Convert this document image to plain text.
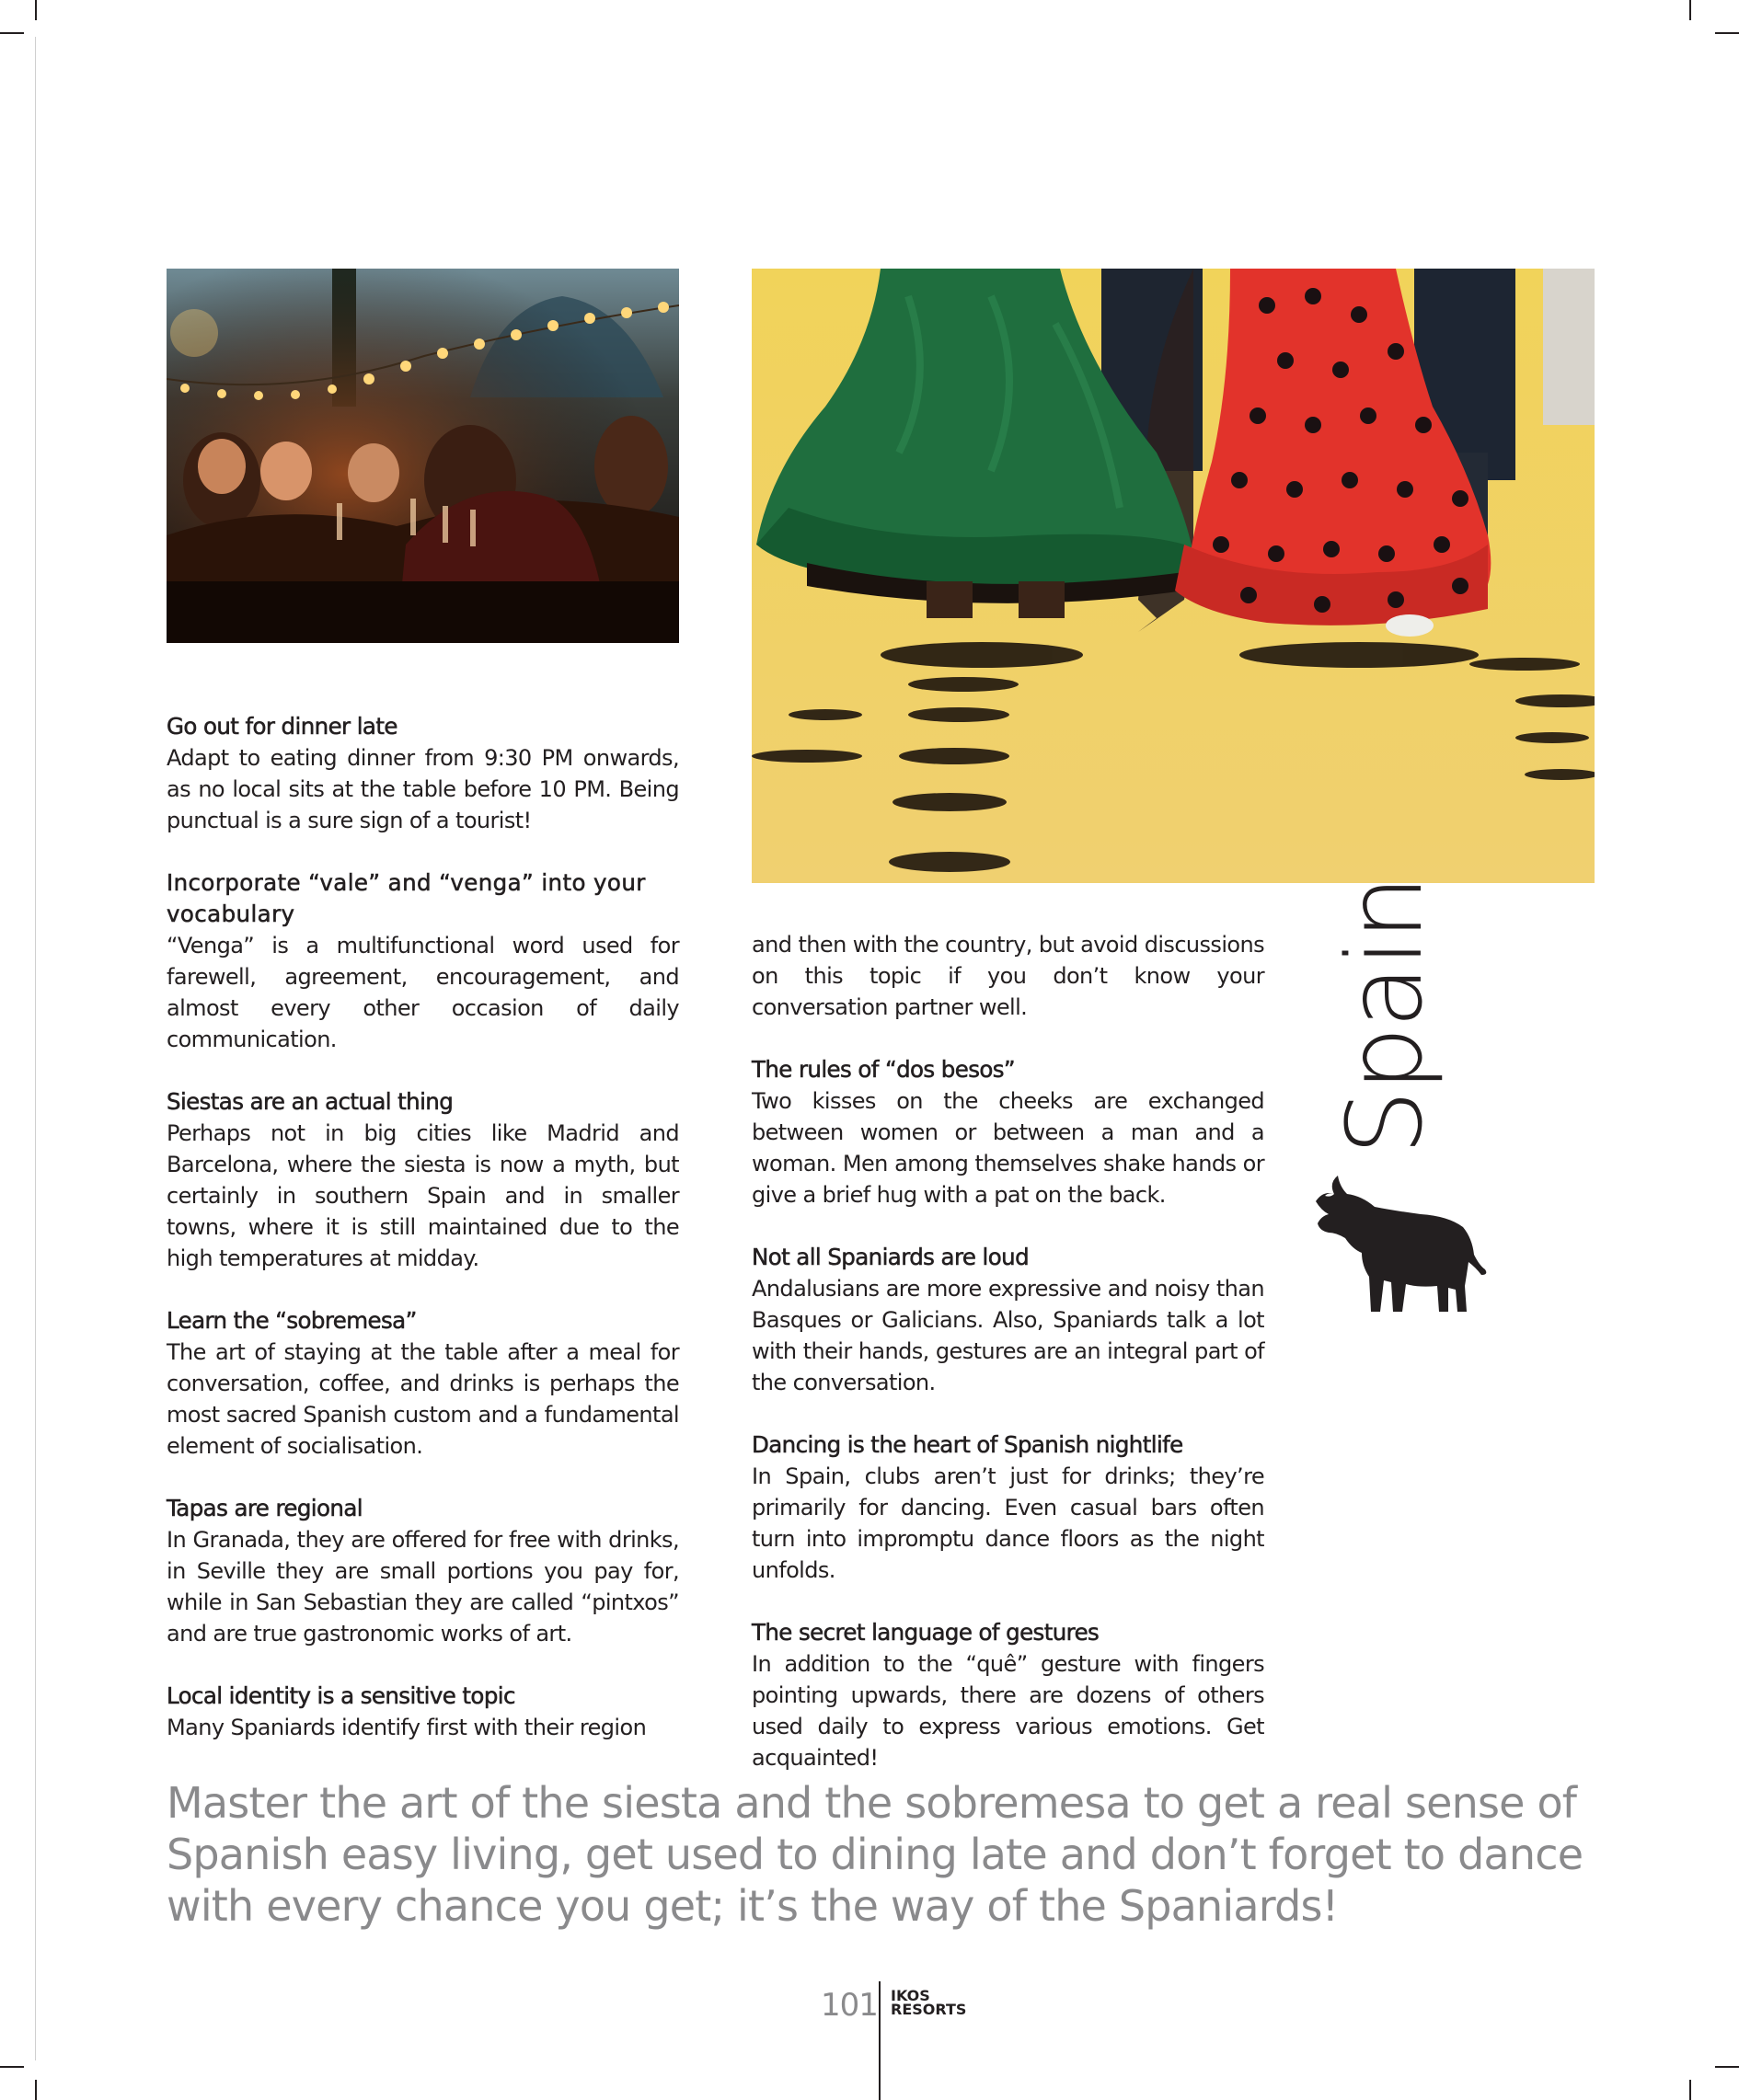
Go out for dinner late

Adapt to eating dinner from 9:30 PM onwards, as no local sits at the table before 10 PM. Being punctual is a sure sign of a tourist!

Incorporate “vale” and “venga” into your vocabulary

“Venga” is a multifunctional word used for farewell, agreement, encouragement, and almost every other occasion of daily communication.

Siestas are an actual thing

Perhaps not in big cities like Madrid and Barcelona, where the siesta is now a myth, but certainly in southern Spain and in smaller towns, where it is still maintained due to the high temperatures at midday.

Learn the “sobremesa”

The art of staying at the table after a meal for conversation, coffee, and drinks is perhaps the most sacred Spanish custom and a fundamental element of socialisation.

Tapas are regional

In Granada, they are offered for free with drinks, in Seville they are small portions you pay for, while in San Sebastian they are called “pintxos” and are true gastronomic works of art.

Local identity is a sensitive topic

Many Spaniards identify first with their region

and then with the country, but avoid discussions on this topic if you don’t know your conversation partner well.

The rules of “dos besos”

Two kisses on the cheeks are exchanged between women or between a man and a woman. Men among themselves shake hands or give a brief hug with a pat on the back.

Not all Spaniards are loud

Andalusians are more expressive and noisy than Basques or Galicians. Also, Spaniards talk a lot with their hands, gestures are an integral part of the conversation.

Dancing is the heart of Spanish nightlife

In Spain, clubs aren’t just for drinks; they’re primarily for dancing. Even casual bars often turn into impromptu dance floors as the night unfolds.

The secret language of gestures

In addition to the “quê” gesture with fingers pointing upwards, there are dozens of others used daily to express various emotions. Get acquainted!

Spain
Master the art of the siesta and the sobremesa to get a real sense of Spanish easy living, get used to dining late and don’t forget to dance with every chance you get; it’s the way of the Spaniards!
101 IKOS
RESORTS
